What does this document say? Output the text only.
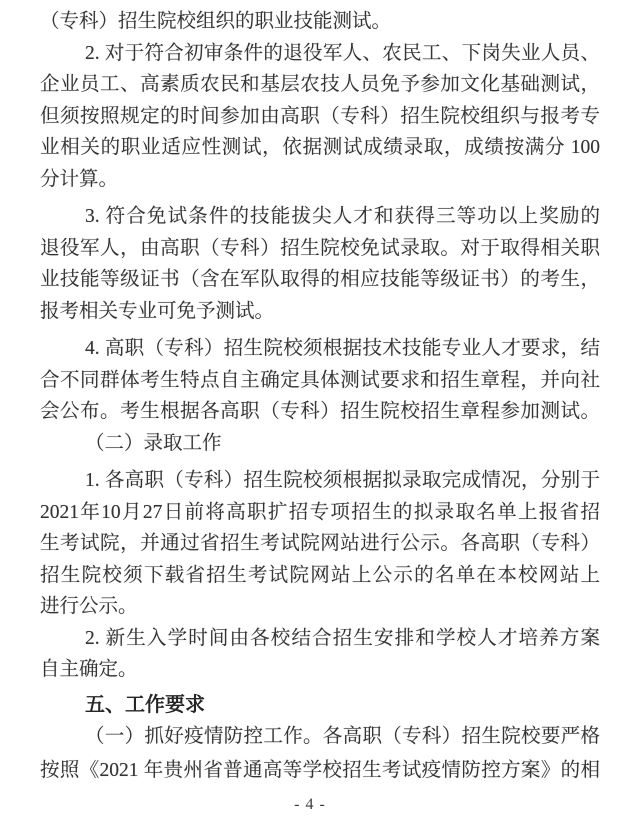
（专科）招生院校组织的职业技能测试。
2. 对于符合初审条件的退役军人、农民工、下岗失业人员、
企业员工、高素质农民和基层农技人员免予参加文化基础测试，
但须按照规定的时间参加由高职（专科）招生院校组织与报考专
业相关的职业适应性测试，依据测试成绩录取，成绩按满分 100
分计算。
3. 符合免试条件的技能拔尖人才和获得三等功以上奖励的
退役军人，由高职（专科）招生院校免试录取。对于取得相关职
业技能等级证书（含在军队取得的相应技能等级证书）的考生，
报考相关专业可免予测试。
4. 高职（专科）招生院校须根据技术技能专业人才要求，结
合不同群体考生特点自主确定具体测试要求和招生章程，并向社
会公布。考生根据各高职（专科）招生院校招生章程参加测试。
（二）录取工作
1. 各高职（专科）招生院校须根据拟录取完成情况，分别于
2021年10月27日前将高职扩招专项招生的拟录取名单上报省招
生考试院，并通过省招生考试院网站进行公示。各高职（专科）
招生院校须下载省招生考试院网站上公示的名单在本校网站上
进行公示。
2. 新生入学时间由各校结合招生安排和学校人才培养方案
自主确定。
五、工作要求
（一）抓好疫情防控工作。各高职（专科）招生院校要严格
按照《2021 年贵州省普通高等学校招生考试疫情防控方案》的相
- 4 -
